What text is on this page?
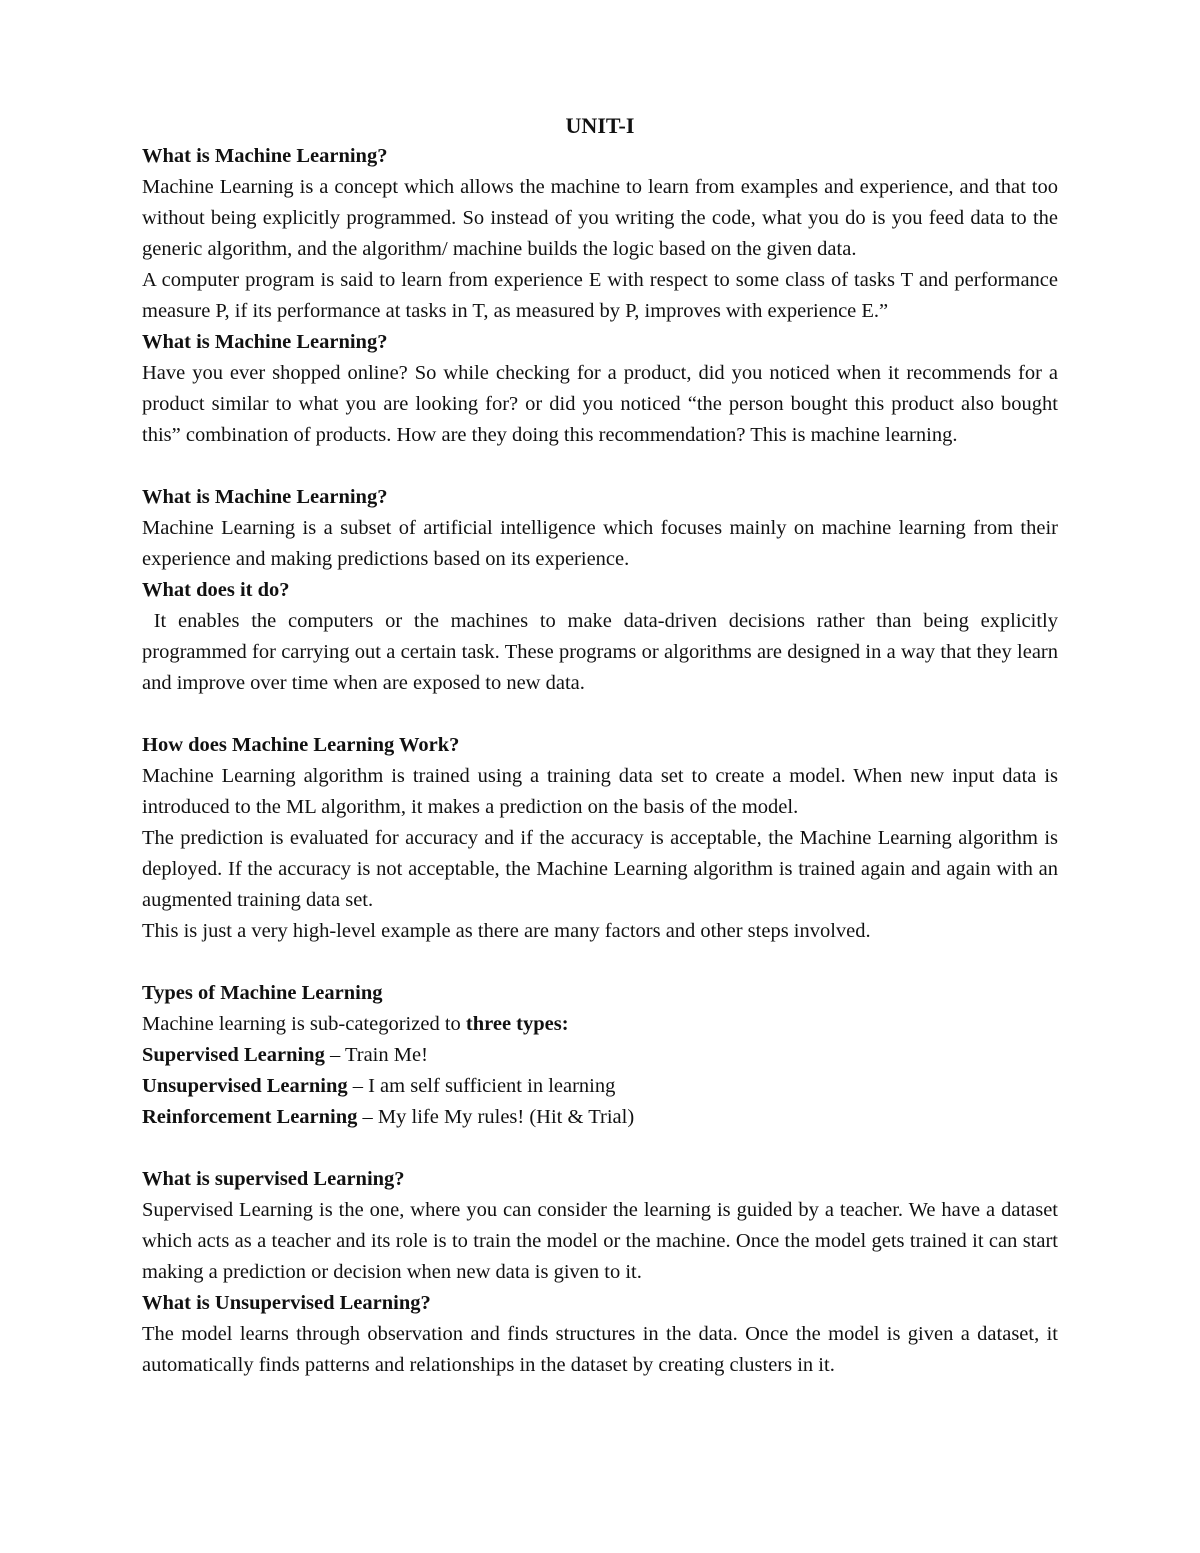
UNIT-I
What is Machine Learning?

Machine Learning is a concept which allows the machine to learn from examples and experience, and that too without being explicitly programmed. So instead of you writing the code, what you do is you feed data to the generic algorithm, and the algorithm/ machine builds the logic based on the given data.

A computer program is said to learn from experience E with respect to some class of tasks T and performance measure P, if its performance at tasks in T, as measured by P, improves with experience E.”

What is Machine Learning?

Have you ever shopped online? So while checking for a product, did you noticed when it recommends for a product similar to what you are looking for? or did you noticed “the person bought this product also bought this” combination of products. How are they doing this recommendation? This is machine learning.

What is Machine Learning?

Machine Learning is a subset of artificial intelligence which focuses mainly on machine learning from their experience and making predictions based on its experience.

What does it do?

It enables the computers or the machines to make data-driven decisions rather than being explicitly programmed for carrying out a certain task. These programs or algorithms are designed in a way that they learn and improve over time when are exposed to new data.

How does Machine Learning Work?

Machine Learning algorithm is trained using a training data set to create a model. When new input data is introduced to the ML algorithm, it makes a prediction on the basis of the model.

The prediction is evaluated for accuracy and if the accuracy is acceptable, the Machine Learning algorithm is deployed. If the accuracy is not acceptable, the Machine Learning algorithm is trained again and again with an augmented training data set.

This is just a very high-level example as there are many factors and other steps involved.

Types of Machine Learning

Machine learning is sub-categorized to three types:

Supervised Learning – Train Me!

Unsupervised Learning – I am self sufficient in learning

Reinforcement Learning – My life My rules! (Hit & Trial)

What is supervised Learning?

Supervised Learning is the one, where you can consider the learning is guided by a teacher. We have a dataset which acts as a teacher and its role is to train the model or the machine. Once the model gets trained it can start making a prediction or decision when new data is given to it.

What is Unsupervised Learning?

The model learns through observation and finds structures in the data. Once the model is given a dataset, it automatically finds patterns and relationships in the dataset by creating clusters in it.
